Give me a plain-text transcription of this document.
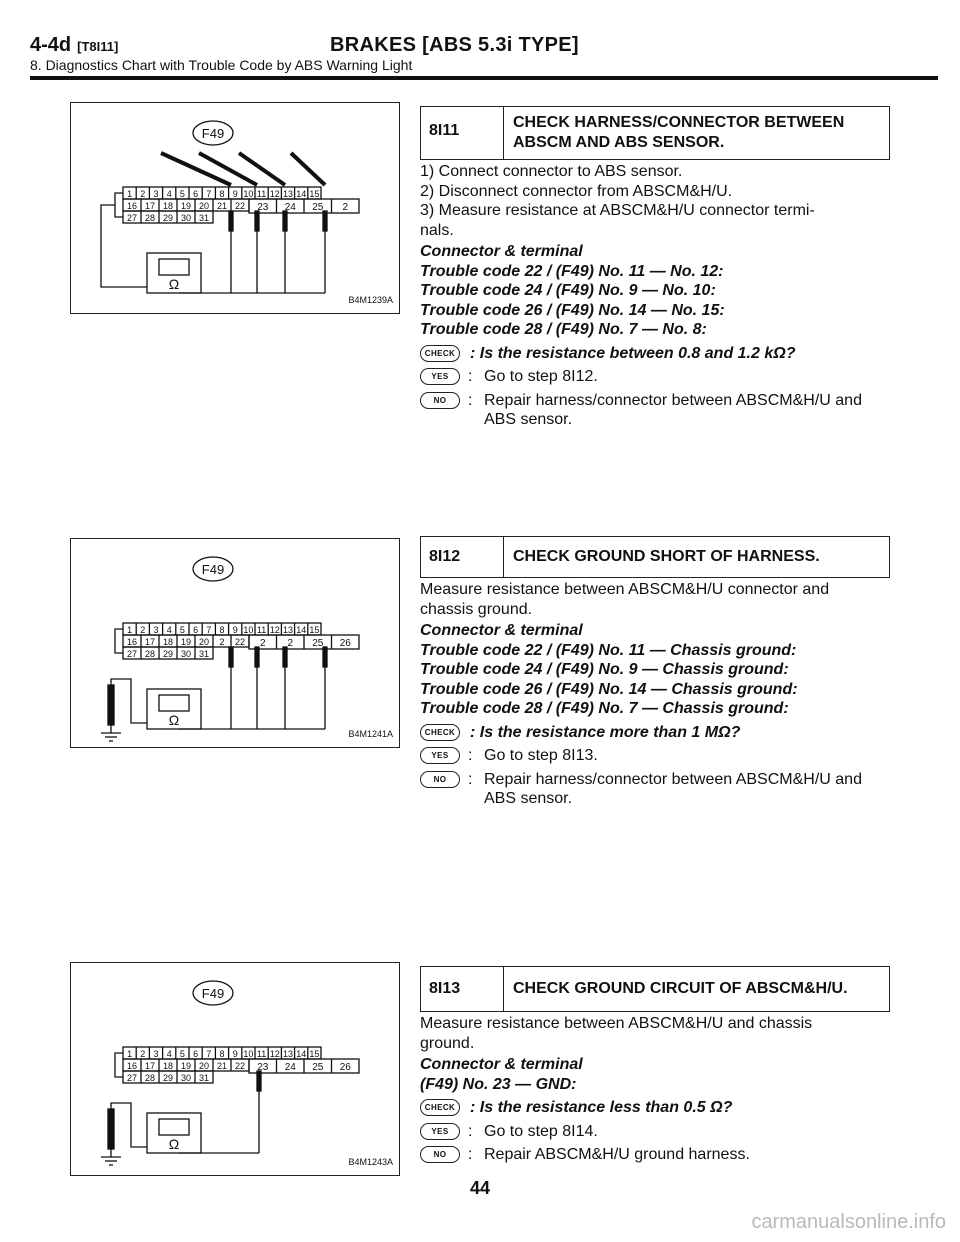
4-4d [T8I11]	BRAKES [ABS 5.3i TYPE]
8. Diagnostics Chart with Trouble Code by ABS Warning Light
F49
1 2 3 4 5 6 7 8 9 10 11 12 13 14 15
16 17 18 19 20 21 22 23 24 25 2
27 28 29 30 31
Ω
B4M1239A
F49
1 2 3 4 5 6 7 8 9 10 11 12 13 14 15
16 17 18 19 20 2 22 2 2 25 26
27 28 29 30 31
Ω
B4M1241A
F49
1 2 3 4 5 6 7 8 9 10 11 12 13 14 15
16 17 18 19 20 21 22 23 24 25 26
27 28 29 30 31
Ω
B4M1243A
8I11	CHECK HARNESS/CONNECTOR BETWEEN ABSCM AND ABS SENSOR.

1) Connect connector to ABS sensor.

2) Disconnect connector from ABSCM&H/U.

3) Measure resistance at ABSCM&H/U connector termi-

nals.

Connector & terminal

Trouble code 22 / (F49) No. 11 — No. 12:

Trouble code 24 / (F49) No. 9 — No. 10:

Trouble code 26 / (F49) No. 14 — No. 15:

Trouble code 28 / (F49) No. 7 — No. 8:

CHECK : Is the resistance between 0.8 and 1.2 kΩ?
YES	: Go to step 8I12.
NO	: Repair harness/connector between ABSCM&H/U and ABS sensor.
8I12	CHECK GROUND SHORT OF HARNESS.

Measure resistance between ABSCM&H/U connector and

chassis ground.

Connector & terminal

Trouble code 22 / (F49) No. 11 — Chassis ground:

Trouble code 24 / (F49) No. 9 — Chassis ground:

Trouble code 26 / (F49) No. 14 — Chassis ground:

Trouble code 28 / (F49) No. 7 — Chassis ground:

CHECK : Is the resistance more than 1 MΩ?
YES	: Go to step 8I13.
NO	: Repair harness/connector between ABSCM&H/U and ABS sensor.
8I13	CHECK GROUND CIRCUIT OF ABSCM&H/U.

Measure resistance between ABSCM&H/U and chassis

ground.

Connector & terminal

(F49) No. 23 — GND:

CHECK : Is the resistance less than 0.5 Ω?
YES	: Go to step 8I14.
NO	: Repair ABSCM&H/U ground harness.
44
carmanualsonline.info
